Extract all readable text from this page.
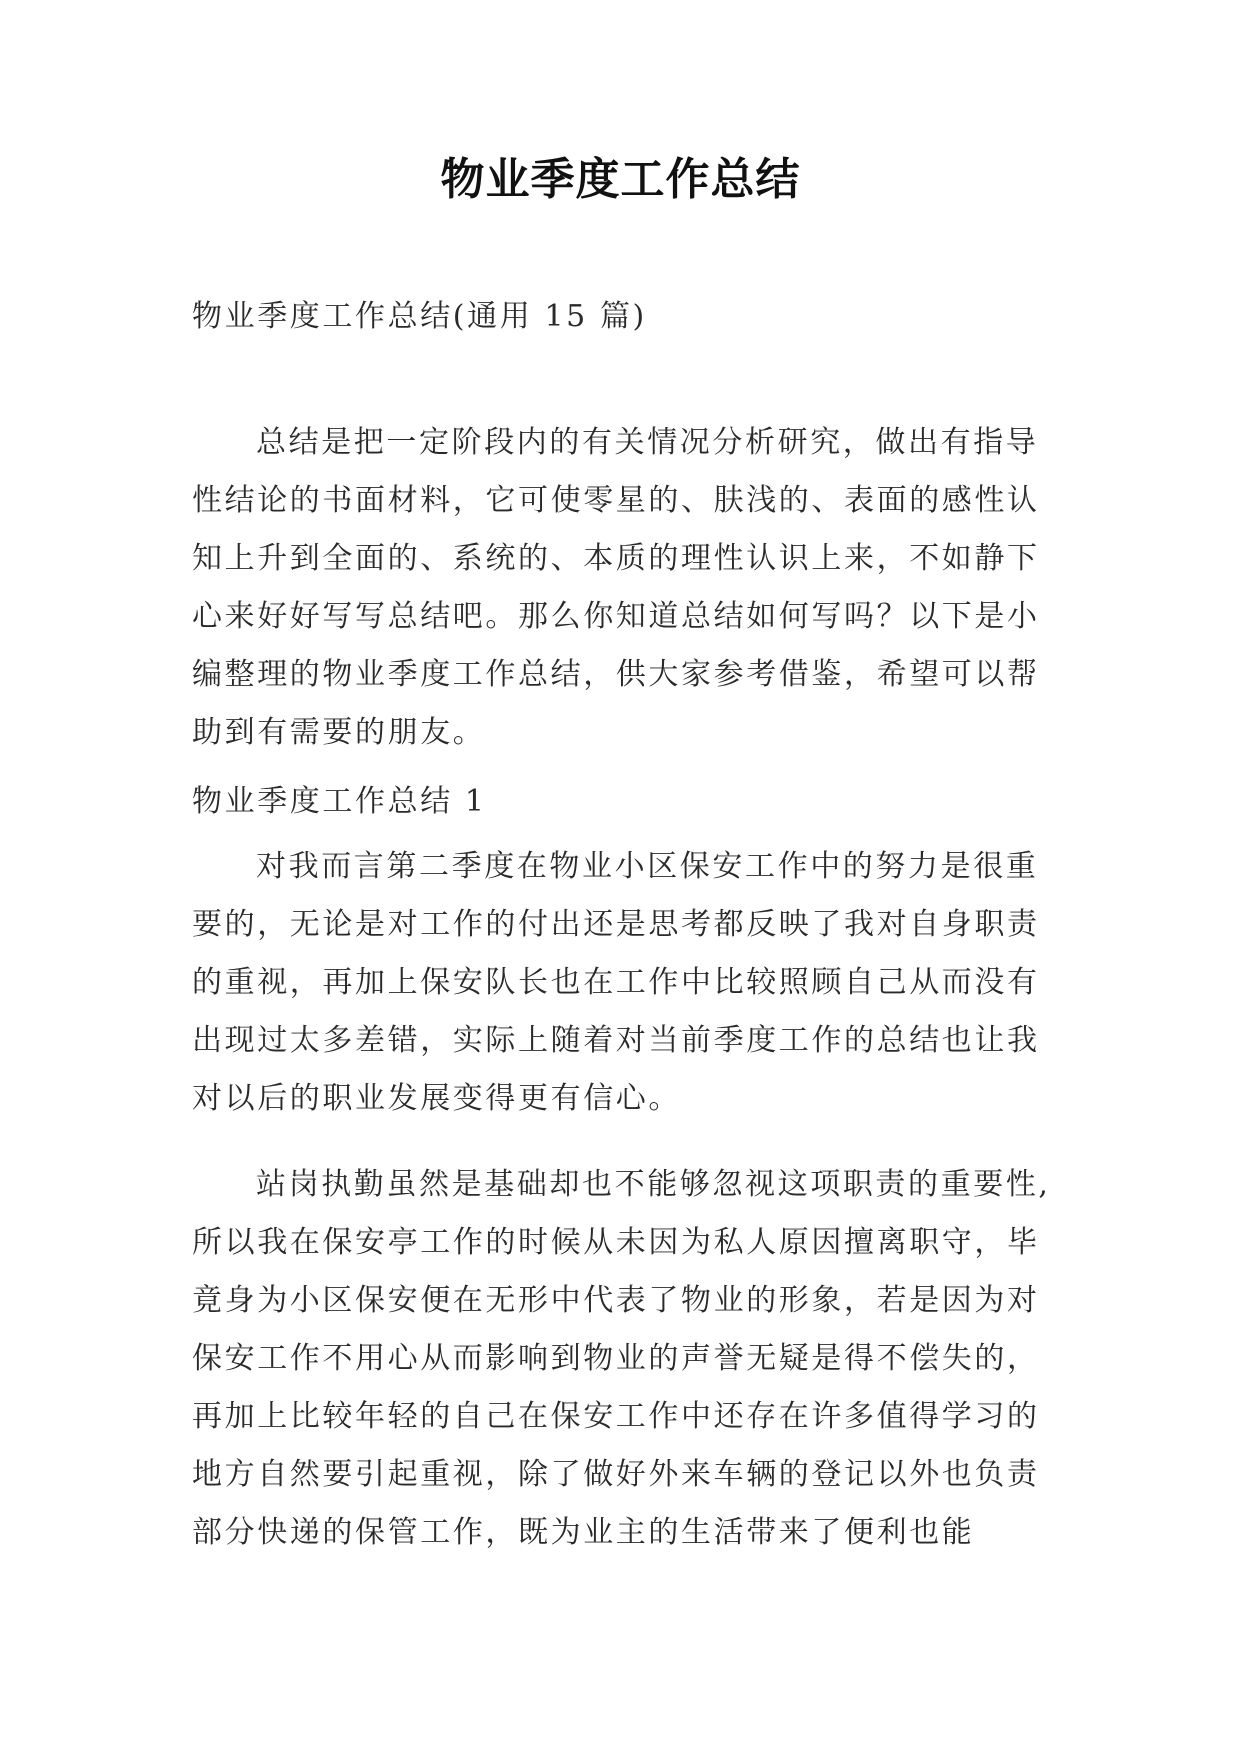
物业季度工作总结

物业季度工作总结(通用 15 篇)

总结是把一定阶段内的有关情况分析研究，做出有指导性结论的书面材料，它可使零星的、肤浅的、表面的感性认知上升到全面的、系统的、本质的理性认识上来，不如静下心来好好写写总结吧。那么你知道总结如何写吗？以下是小编整理的物业季度工作总结，供大家参考借鉴，希望可以帮助到有需要的朋友。

物业季度工作总结 1

对我而言第二季度在物业小区保安工作中的努力是很重要的，无论是对工作的付出还是思考都反映了我对自身职责的重视，再加上保安队长也在工作中比较照顾自己从而没有出现过太多差错，实际上随着对当前季度工作的总结也让我对以后的职业发展变得更有信心。

站岗执勤虽然是基础却也不能够忽视这项职责的重要性,所以我在保安亭工作的时候从未因为私人原因擅离职守，毕竟身为小区保安便在无形中代表了物业的形象，若是因为对保安工作不用心从而影响到物业的声誉无疑是得不偿失的，再加上比较年轻的自己在保安工作中还存在许多值得学习的地方自然要引起重视，除了做好外来车辆的登记以外也负责部分快递的保管工作，既为业主的生活带来了便利也能
